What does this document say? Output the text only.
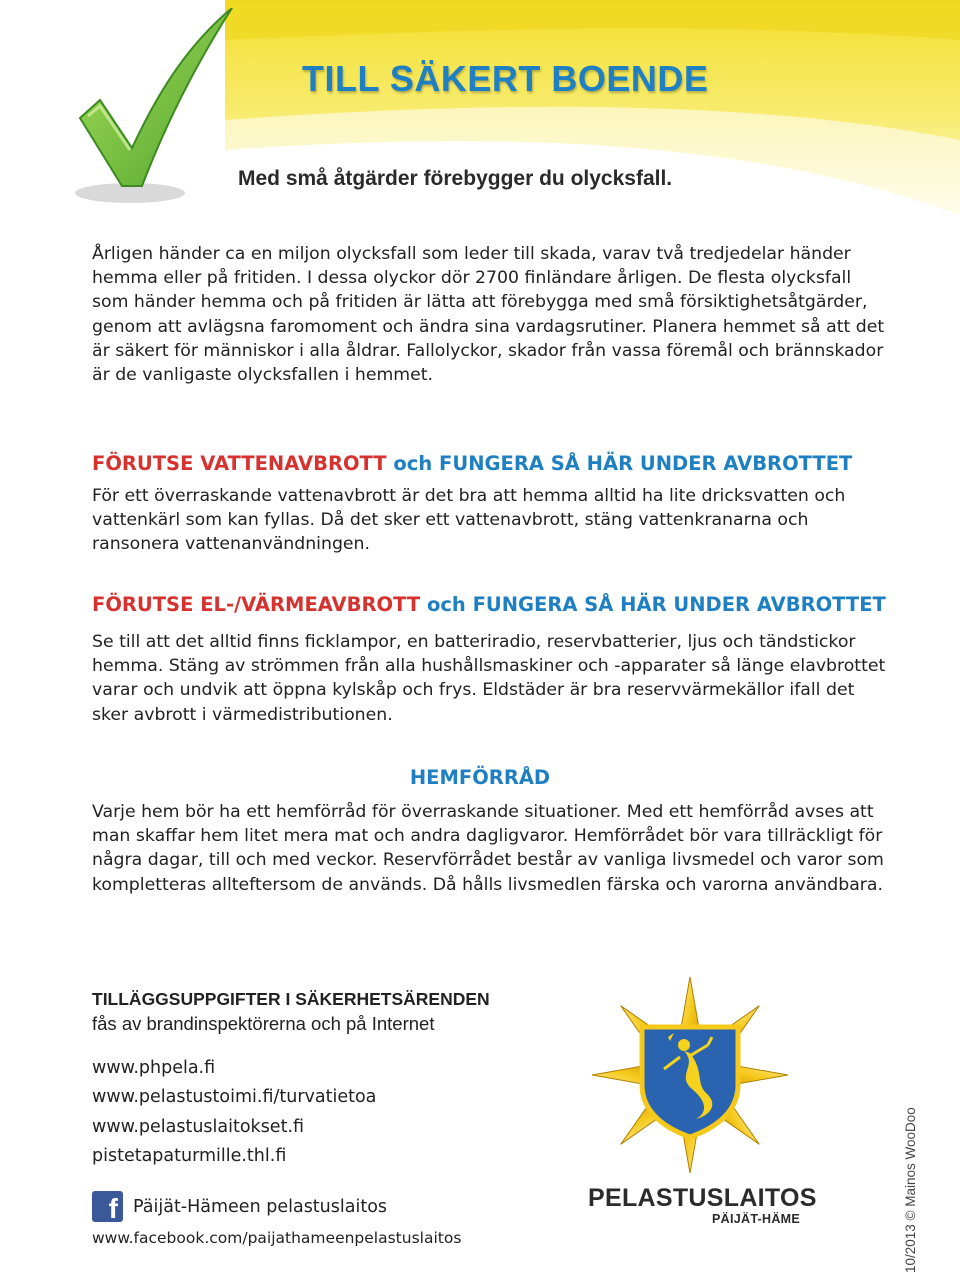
TILL SÄKERT BOENDE
Med små åtgärder förebygger du olycksfall.
Årligen händer ca en miljon olycksfall som leder till skada, varav två tredjedelar händer hemma eller på fritiden. I dessa olyckor dör 2700 finländare årligen. De flesta olycksfall som händer hemma och på fritiden är lätta att förebygga med små försiktighetsåtgärder, genom att avlägsna faromoment och ändra sina vardagsrutiner. Planera hemmet så att det är säkert för människor i alla åldrar. Fallolyckor, skador från vassa föremål och brännskador är de vanligaste olycksfallen i hemmet.
FÖRUTSE VATTENAVBROTT och FUNGERA SÅ HÄR UNDER AVBROTTET
För ett överraskande vattenavbrott är det bra att hemma alltid ha lite dricksvatten och vattenkärl som kan fyllas. Då det sker ett vattenavbrott, stäng vattenkranarna och ransonera vattenanvändningen.
FÖRUTSE EL-/VÄRMEAVBROTT och FUNGERA SÅ HÄR UNDER AVBROTTET
Se till att det alltid finns ficklampor, en batteriradio, reservbatterier, ljus och tändstickor hemma. Stäng av strömmen från alla hushållsmaskiner och -apparater så länge elavbrottet varar och undvik att öppna kylskåp och frys. Eldstäder är bra reservvärmekällor ifall det sker avbrott i värmedistributionen.
HEMFÖRRÅD
Varje hem bör ha ett hemförråd för överraskande situationer. Med ett hemförråd avses att man skaffar hem litet mera mat och andra dagligvaror. Hemförrådet bör vara tillräckligt för några dagar, till och med veckor. Reservförrådet består av vanliga livsmedel och varor som kompletteras allteftersom de används. Då hålls livsmedlen färska och varorna användbara.
TILLÄGGSUPPGIFTER I SÄKERHETSÄRENDEN
fås av brandinspektörerna och på Internet
www.phpela.fi
www.pelastustoimi.fi/turvatietoa
www.pelastuslaitokset.fi
pistetapaturmille.thl.fi
f Päijät-Hämeen pelastuslaitos
www.facebook.com/paijathameenpelastuslaitos
PELASTUSLAITOS
PÄIJÄT-HÄME	10/2013 © Mainos WooDoo
